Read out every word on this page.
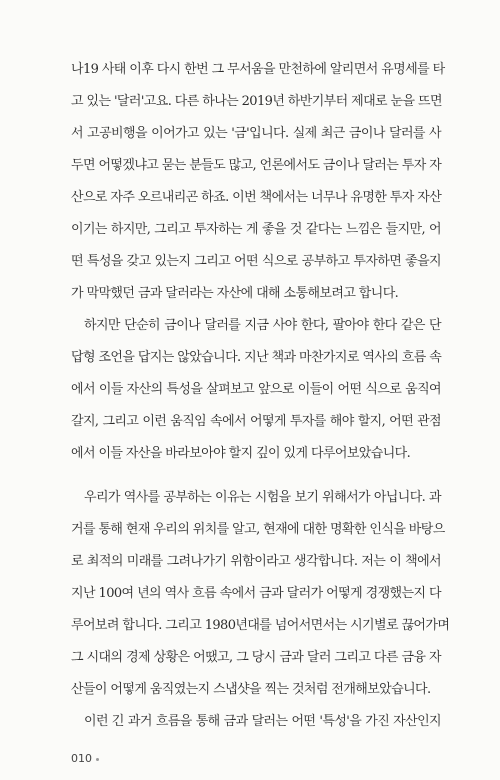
나19 사태 이후 다시 한번 그 무서움을 만천하에 알리면서 유명세를 타
고 있는 '달러'고요. 다른 하나는 2019년 하반기부터 제대로 눈을 뜨면
서 고공비행을 이어가고 있는 '금'입니다. 실제 최근 금이나 달러를 사
두면 어떻겠냐고 묻는 분들도 많고, 언론에서도 금이나 달러는 투자 자
산으로 자주 오르내리곤 하죠. 이번 책에서는 너무나 유명한 투자 자산
이기는 하지만, 그리고 투자하는 게 좋을 것 같다는 느낌은 들지만, 어
떤 특성을 갖고 있는지 그리고 어떤 식으로 공부하고 투자하면 좋을지
가 막막했던 금과 달러라는 자산에 대해 소통해보려고 합니다.
하지만 단순히 금이나 달러를 지금 사야 한다, 팔아야 한다 같은 단
답형 조언을 답지는 않았습니다. 지난 책과 마찬가지로 역사의 흐름 속
에서 이들 자산의 특성을 살펴보고 앞으로 이들이 어떤 식으로 움직여
갈지, 그리고 이런 움직임 속에서 어떻게 투자를 해야 할지, 어떤 관점
에서 이들 자산을 바라보아야 할지 깊이 있게 다루어보았습니다.
우리가 역사를 공부하는 이유는 시험을 보기 위해서가 아닙니다. 과
거를 통해 현재 우리의 위치를 알고, 현재에 대한 명확한 인식을 바탕으
로 최적의 미래를 그려나가기 위함이라고 생각합니다. 저는 이 책에서
지난 100여 년의 역사 흐름 속에서 금과 달러가 어떻게 경쟁했는지 다
루어보려 합니다. 그리고 1980년대를 넘어서면서는 시기별로 끊어가며
그 시대의 경제 상황은 어땠고, 그 당시 금과 달러 그리고 다른 금융 자
산들이 어떻게 움직였는지 스냅샷을 찍는 것처럼 전개해보았습니다.
이런 긴 과거 흐름을 통해 금과 달러는 어떤 '특성'을 가진 자산인지
010
